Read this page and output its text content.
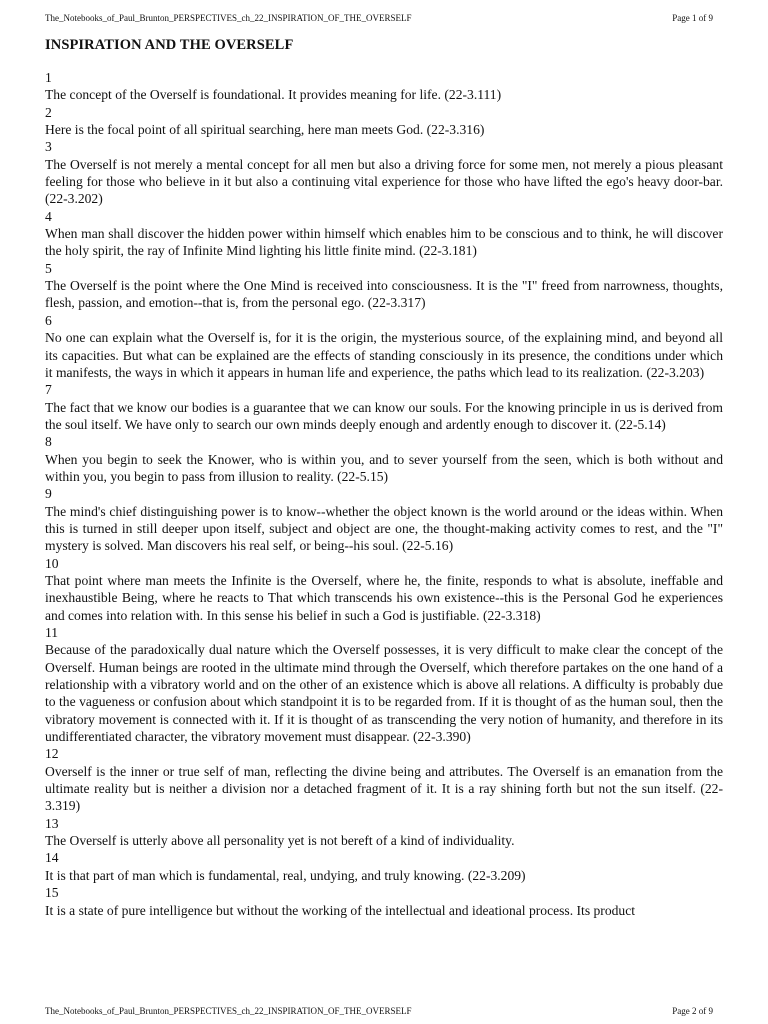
The_Notebooks_of_Paul_Brunton_PERSPECTIVES_ch_22_INSPIRATION_OF_THE_OVERSELF	Page 1 of 9
INSPIRATION AND THE OVERSELF
1
The concept of the Overself is foundational. It provides meaning for life. (22-3.111)
2
Here is the focal point of all spiritual searching, here man meets God. (22-3.316)
3
The Overself is not merely a mental concept for all men but also a driving force for some men, not merely a pious pleasant feeling for those who believe in it but also a continuing vital experience for those who have lifted the ego's heavy door-bar. (22-3.202)
4
When man shall discover the hidden power within himself which enables him to be conscious and to think, he will discover the holy spirit, the ray of Infinite Mind lighting his little finite mind. (22-3.181)
5
The Overself is the point where the One Mind is received into consciousness. It is the "I" freed from narrowness, thoughts, flesh, passion, and emotion--that is, from the personal ego. (22-3.317)
6
No one can explain what the Overself is, for it is the origin, the mysterious source, of the explaining mind, and beyond all its capacities. But what can be explained are the effects of standing consciously in its presence, the conditions under which it manifests, the ways in which it appears in human life and experience, the paths which lead to its realization. (22-3.203)
7
The fact that we know our bodies is a guarantee that we can know our souls. For the knowing principle in us is derived from the soul itself. We have only to search our own minds deeply enough and ardently enough to discover it. (22-5.14)
8
When you begin to seek the Knower, who is within you, and to sever yourself from the seen, which is both without and within you, you begin to pass from illusion to reality. (22-5.15)
9
The mind's chief distinguishing power is to know--whether the object known is the world around or the ideas within. When this is turned in still deeper upon itself, subject and object are one, the thought-making activity comes to rest, and the "I" mystery is solved. Man discovers his real self, or being--his soul. (22-5.16)
10
That point where man meets the Infinite is the Overself, where he, the finite, responds to what is absolute, ineffable and inexhaustible Being, where he reacts to That which transcends his own existence--this is the Personal God he experiences and comes into relation with. In this sense his belief in such a God is justifiable. (22-3.318)
11
Because of the paradoxically dual nature which the Overself possesses, it is very difficult to make clear the concept of the Overself. Human beings are rooted in the ultimate mind through the Overself, which therefore partakes on the one hand of a relationship with a vibratory world and on the other of an existence which is above all relations. A difficulty is probably due to the vagueness or confusion about which standpoint it is to be regarded from. If it is thought of as the human soul, then the vibratory movement is connected with it. If it is thought of as transcending the very notion of humanity, and therefore in its undifferentiated character, the vibratory movement must disappear. (22-3.390)
12
Overself is the inner or true self of man, reflecting the divine being and attributes. The Overself is an emanation from the ultimate reality but is neither a division nor a detached fragment of it. It is a ray shining forth but not the sun itself. (22-3.319)
13
The Overself is utterly above all personality yet is not bereft of a kind of individuality.
14
It is that part of man which is fundamental, real, undying, and truly knowing. (22-3.209)
15
It is a state of pure intelligence but without the working of the intellectual and ideational process. Its product
The_Notebooks_of_Paul_Brunton_PERSPECTIVES_ch_22_INSPIRATION_OF_THE_OVERSELF	Page 2 of 9
